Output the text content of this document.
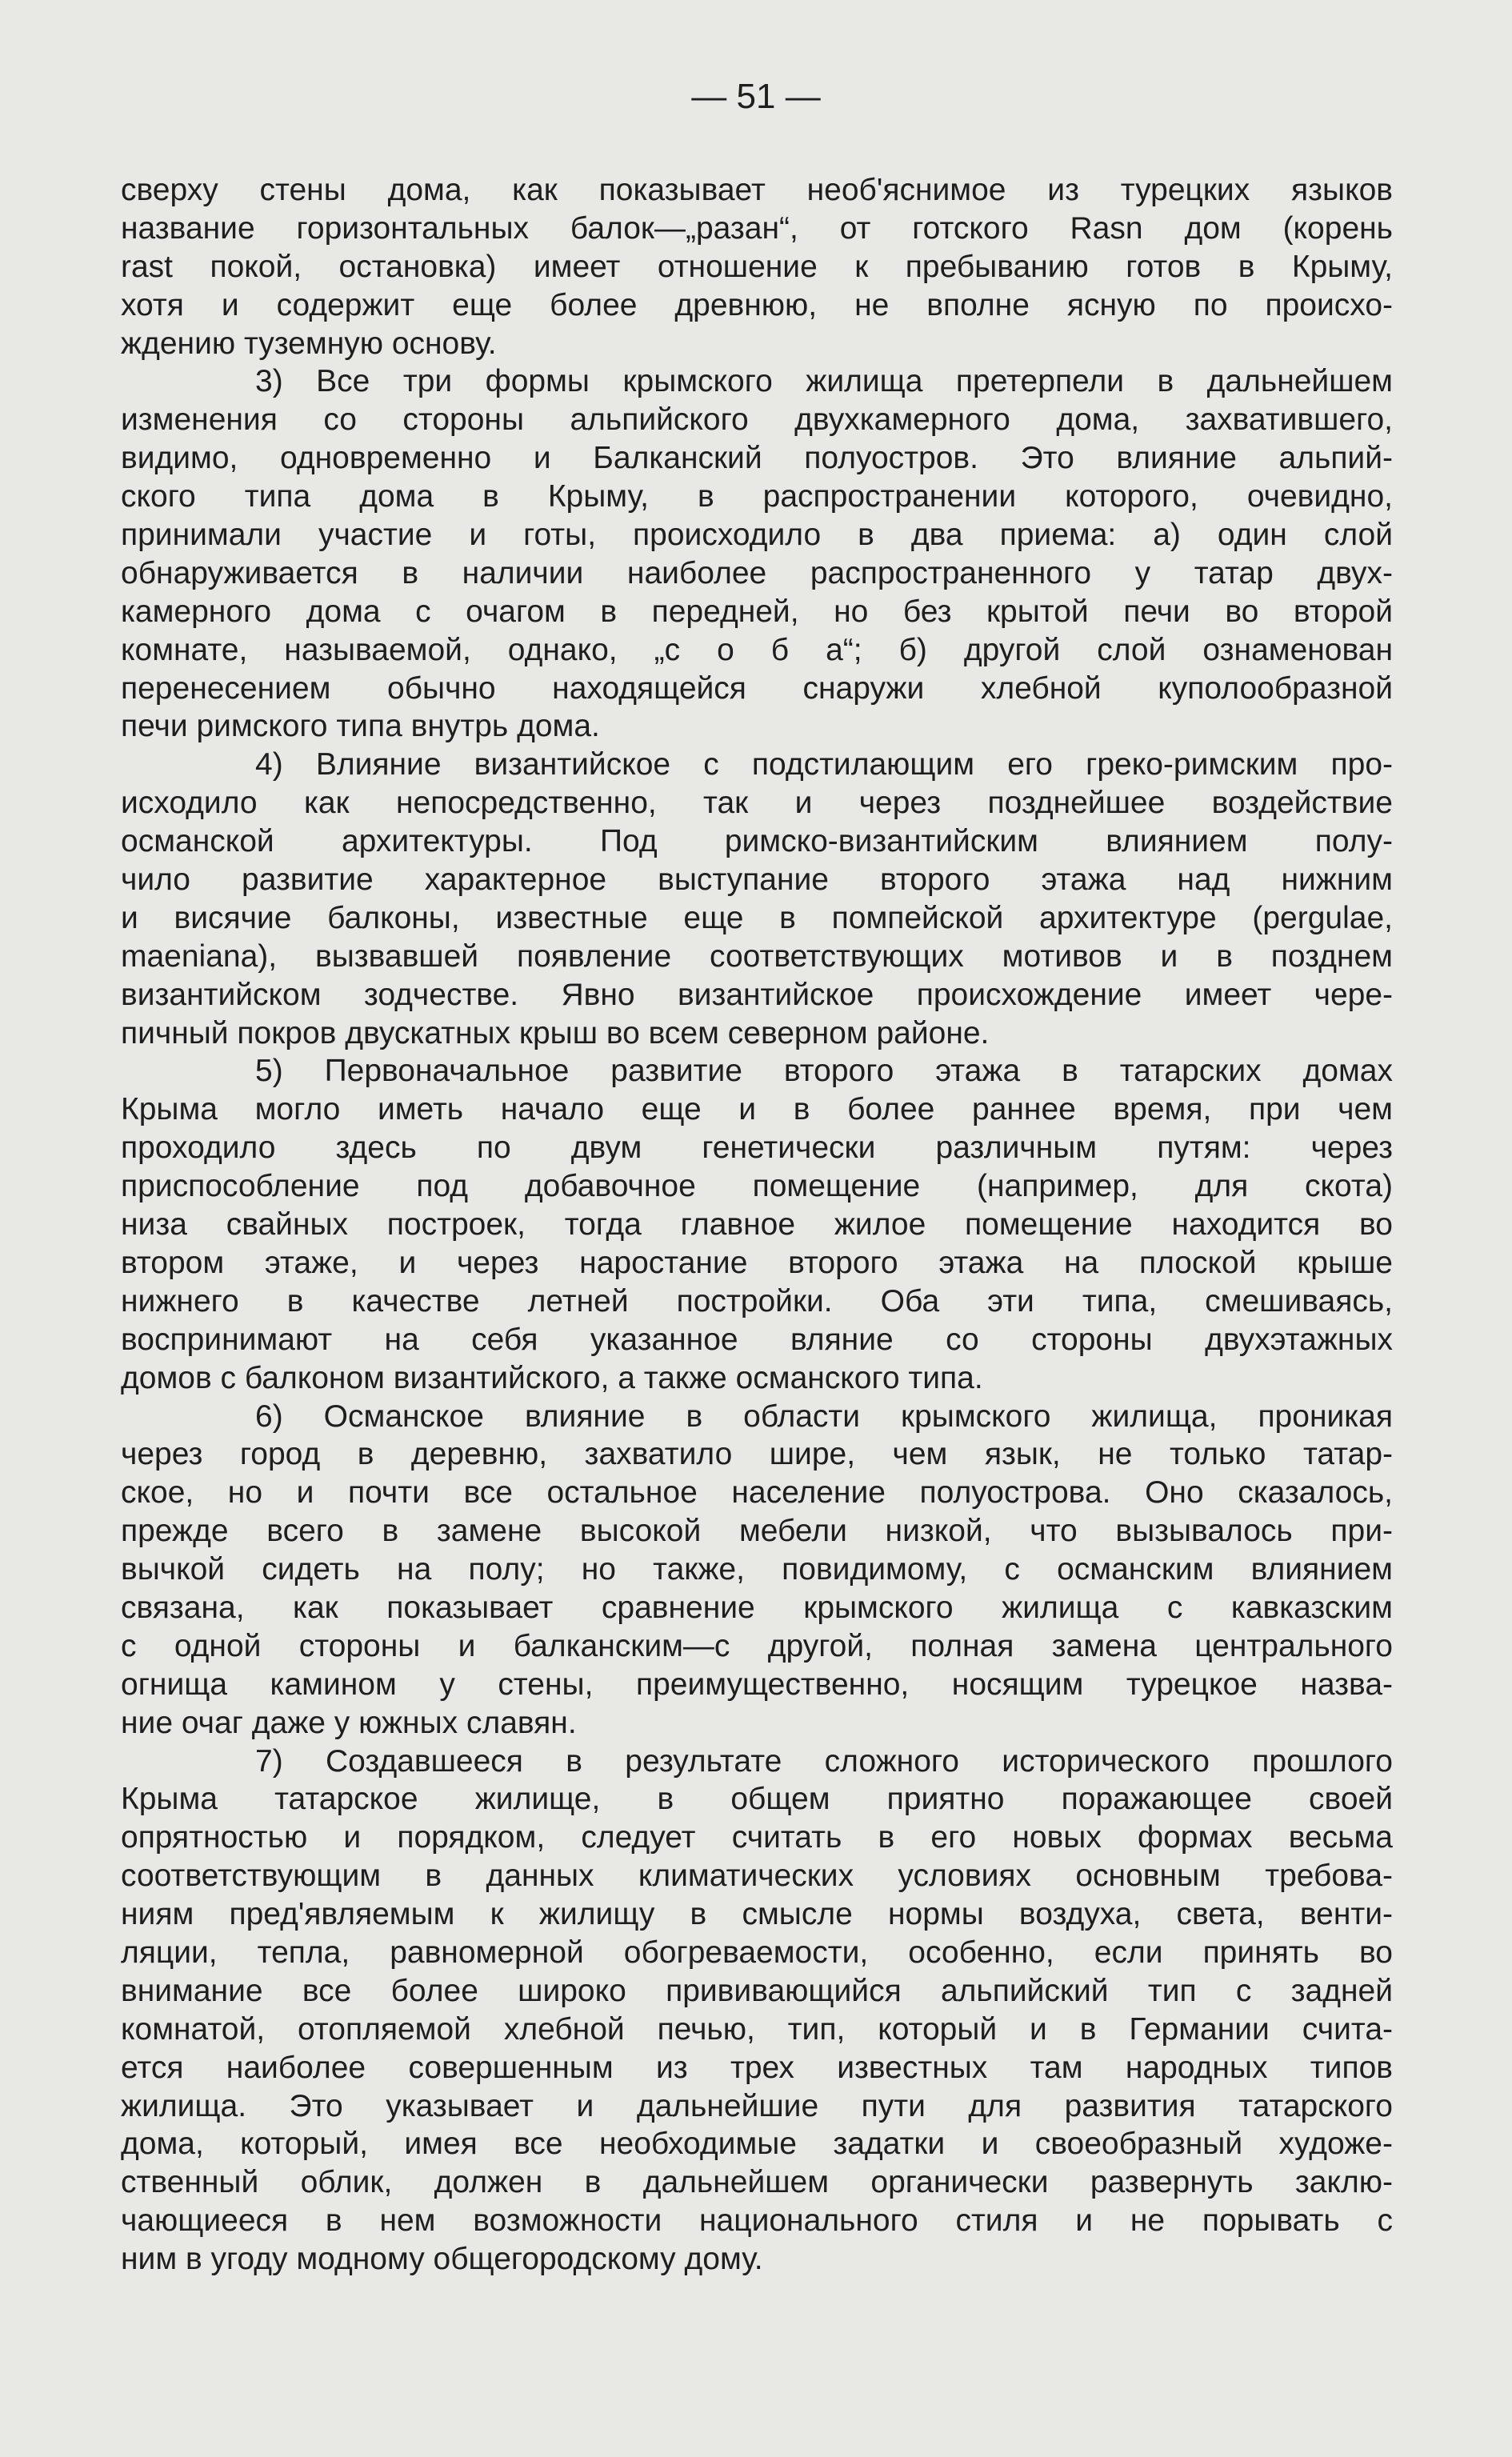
— 51 —
сверху стены дома, как показывает необ'яснимое из турецких языков
название горизонтальных балок—„разан“, от готского Rasn дом (корень
rast покой, остановка) имеет отношение к пребыванию готов в Крыму,
хотя и содержит еще более древнюю, не вполне ясную по происхо-
ждению туземную основу.
3) Все три формы крымского жилища претерпели в дальнейшем
изменения со стороны альпийского двухкамерного дома, захватившего,
видимо, одновременно и Балканский полуостров. Это влияние альпий-
ского типа дома в Крыму, в распространении которого, очевидно,
принимали участие и готы, происходило в два приема: а) один слой
обнаруживается в наличии наиболее распространенного у татар двух-
камерного дома с очагом в передней, но без крытой печи во второй
комнате, называемой, однако, „с о б а“; б) другой слой ознаменован
перенесением обычно находящейся снаружи хлебной куполообразной
печи римского типа внутрь дома.
4) Влияние византийское с подстилающим его греко-римским про-
исходило как непосредственно, так и через позднейшее воздействие
османской архитектуры. Под римско-византийским влиянием полу-
чило развитие характерное выступание второго этажа над нижним
и висячие балконы, известные еще в помпейской архитектуре (pergulae,
maeniana), вызвавшей появление соответствующих мотивов и в позднем
византийском зодчестве. Явно византийское происхождение имеет чере-
пичный покров двускатных крыш во всем северном районе.
5) Первоначальное развитие второго этажа в татарских домах
Крыма могло иметь начало еще и в более раннее время, при чем
проходило здесь по двум генетически различным путям: через
приспособление под добавочное помещение (например, для скота)
низа свайных построек, тогда главное жилое помещение находится во
втором этаже, и через наростание второго этажа на плоской крыше
нижнего в качестве летней постройки. Оба эти типа, смешиваясь,
воспринимают на себя указанное вляние со стороны двухэтажных
домов с балконом византийского, а также османского типа.
6) Османское влияние в области крымского жилища, проникая
через город в деревню, захватило шире, чем язык, не только татар-
ское, но и почти все остальное население полуострова. Оно сказалось,
прежде всего в замене высокой мебели низкой, что вызывалось при-
вычкой сидеть на полу; но также, повидимому, с османским влиянием
связана, как показывает сравнение крымского жилища с кавказским
с одной стороны и балканским—с другой, полная замена центрального
огнища камином у стены, преимущественно, носящим турецкое назва-
ние очаг даже у южных славян.
7) Создавшееся в результате сложного исторического прошлого
Крыма татарское жилище, в общем приятно поражающее своей
опрятностью и порядком, следует считать в его новых формах весьма
соответствующим в данных климатических условиях основным требова-
ниям пред'являемым к жилищу в смысле нормы воздуха, света, венти-
ляции, тепла, равномерной обогреваемости, особенно, если принять во
внимание все более широко прививающийся альпийский тип с задней
комнатой, отопляемой хлебной печью, тип, который и в Германии счита-
ется наиболее совершенным из трех известных там народных типов
жилища. Это указывает и дальнейшие пути для развития татарского
дома, который, имея все необходимые задатки и своеобразный художе-
ственный облик, должен в дальнейшем органически развернуть заклю-
чающиееся в нем возможности национального стиля и не порывать с
ним в угоду модному общегородскому дому.
